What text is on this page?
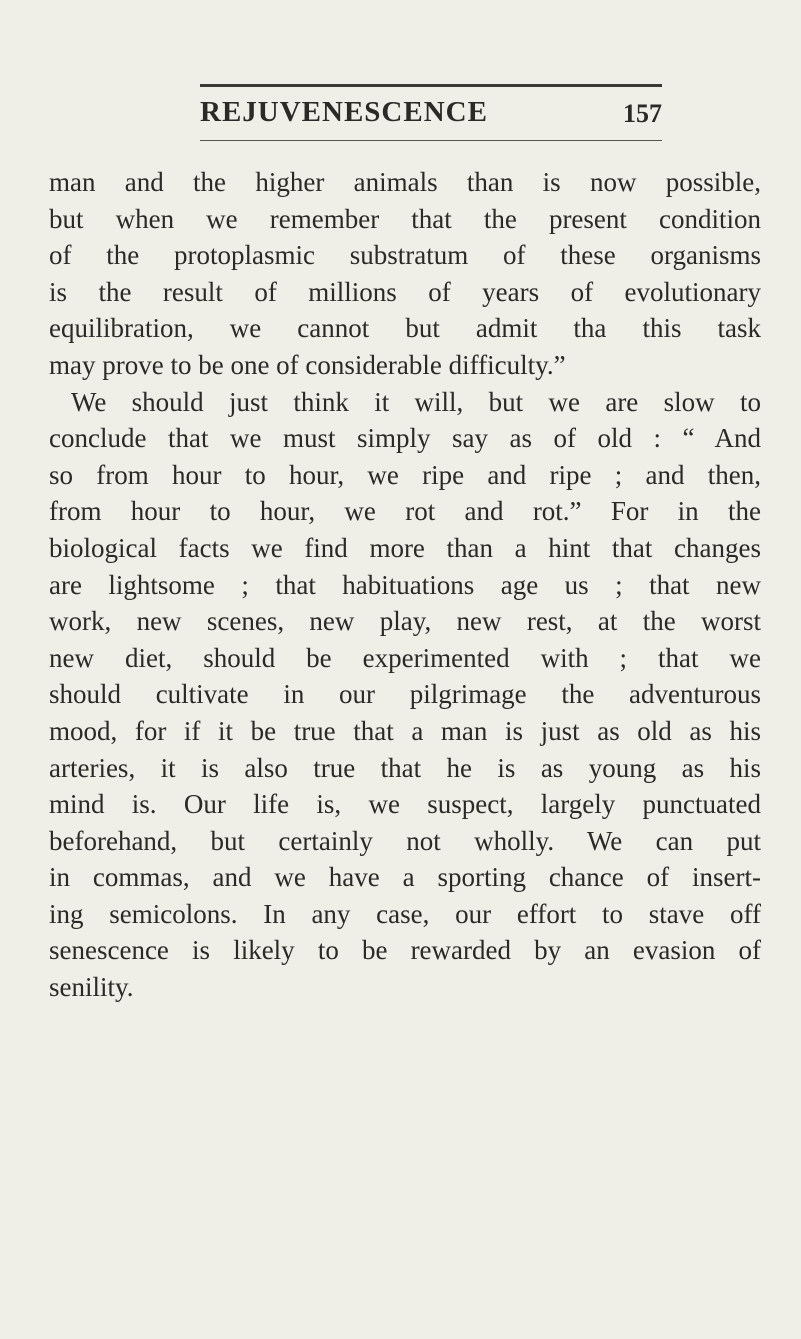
REJUVENESCENCE	157
man and the higher animals than is now possible,
but when we remember that the present condition
of the protoplasmic substratum of these organisms
is the result of millions of years of evolutionary
equilibration, we cannot but admit tha this task
may prove to be one of considerable difficulty.”
We should just think it will, but we are slow to
conclude that we must simply say as of old : “ And
so from hour to hour, we ripe and ripe ; and then,
from hour to hour, we rot and rot.” For in the
biological facts we find more than a hint that changes
are lightsome ; that habituations age us ; that new
work, new scenes, new play, new rest, at the worst
new diet, should be experimented with ; that we
should cultivate in our pilgrimage the adventurous
mood, for if it be true that a man is just as old as his
arteries, it is also true that he is as young as his
mind is. Our life is, we suspect, largely punctuated
beforehand, but certainly not wholly. We can put
in commas, and we have a sporting chance of insert-
ing semicolons. In any case, our effort to stave off
senescence is likely to be rewarded by an evasion of
senility.
